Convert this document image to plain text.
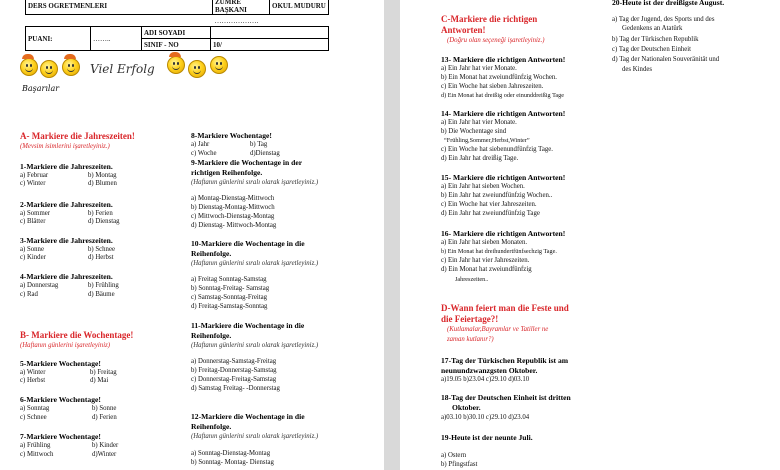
DERS OGRETMENLERI	ZÜMRE BAŞKANI	OKUL MUDURU
	……………….	
PUANI:	……..	ADI SOYADI	
		SINIF - NO	10/
Viel Erfolg
Başarılar
A- Markiere die Jahreszeiten!
(Mevsim isimlerini işaretleyiniz.)
1-Markiere die Jahreszeiten.
a) Februar	b) Montag
c) Winter	d) Blumen
2-Markiere die Jahreszeiten.
a) Sommer	b) Ferien
c) Blätter	d) Dienstag
3-Markiere die Jahreszeiten.
a) Sonne	b) Schnee
c) Kinder	d) Herbst
4-Markiere die Jahreszeiten.
a) Donnerstag	b) Frühling
c) Rad	d) Bäume
B- Markiere die Wochentage!
(Haftanın günlerini işaretleyiniz)
5-Markiere Wochentage!
a) Winter	b) Freitag
c) Herbst	d) Mai
6-Markiere Wochentage!
a) Sonntag	b) Sonne
c) Schnee	d) Ferien
7-Markiere Wochentage!
a) Frühling	b) Kinder
c) Mittwoch	d)Winter
8-Markiere Wochentage!
a) Jahr	b) Tag
c) Woche	d)Dienstag
9-Markiere die Wochentage in der
richtigen Reihenfolge.
(Haftanın günlerini sıralı olarak işaretleyiniz.)
a) Montag-Dienstag-Mittwoch
b) Dienstag-Montag-Mittwoch
c) Mittwoch-Dienstag-Montag
d) Dienstag- Mittwoch-Montag
10-Markiere die Wochentage in die
Reihenfolge.
(Haftanın günlerini sıralı olarak işaretleyiniz.)
a) Freitag Sonntag-Samstag
b) Sonntag-Freitag- Samstag
c) Samstag-Sonntag-Freitag
d) Freitag-Samstag-Sonntag
11-Markiere die Wochentage in die
Reihenfolge.
(Haftanın günlerini sıralı olarak işaretleyiniz.)
a) Donnerstag-Samstag-Freitag
b) Freitag-Donnerstag-Samstag
c) Donnerstag-Freitag-Samstag
d) Samstag Freitag- -Donnerstag
12-Markiere die Wochentage in die
Reihenfolge.
(Haftanın günlerini sıralı olarak işaretleyiniz.)
a) Sonntag-Dienstag-Montag
b) Sonntag- Montag- Dienstag
C-Markiere die richtigen
Antworten!
(Doğru olan seçeneği işaretleyiniz.)
13- Markiere die richtigen Antworten!
a) Ein Jahr hat vier Monate.
b) Ein Monat hat zweiundfünfzig Wochen.
c) Ein Woche hat sieben Jahreszeiten.
d) Ein Monat hat dreißig oder einunddreißig Tage
14- Markiere die richtigen Antworten!
a) Ein Jahr hat vier Monate.
b) Die Wochentage sind
“Frühling,Sommer,Herbst,Winter”
c) Ein Woche hat siebenundfünfzig Tage.
d) Ein Jahr hat dreißig Tage.
15- Markiere die richtigen Antworten!
a) Ein Jahr hat sieben Wochen.
b) Ein Jahr hat zweiundfünfzig Wochen..
c) Ein Woche hat vier Jahreszeiten.
d) Ein Jahr hat zweiundfünfzig Tage
16- Markiere die richtigen Antworten!
a) Ein Jahr hat sieben Monaten.
b) Ein Monat hat dreihundertfünfsechzig Tage.
c) Ein Jahr hat vier Jahreszeiten.
d) Ein Monat hat zweiundfünfzig
Jahreszeiten..
D-Wann feiert man die Feste und
die Feiertage?!
(Kutlamalar,Bayramlar ve Tatiller ne
zaman kutlanır?)
17-Tag der Türkischen Republik ist am
neunundzwanzgsten Oktober.
a)19.05 b)23.04 c)29.10 d)03.10
18-Tag der Deutschen Einheit ist dritten
Oktober.
a)03.10 b)30.10 c)29.10 d)23.04
19-Heute ist der neunte Juli.
a) Ostern
b) Pfingstfast
20-Heute ist der dreißigste August.
a) Tag der Jugend, des Sports und des
Gedenkens an Atatürk
b) Tag der Türkischen Republik
c) Tag der Deutschen Einheit
d) Tag der Nationalen Souveränität und
des Kindes
